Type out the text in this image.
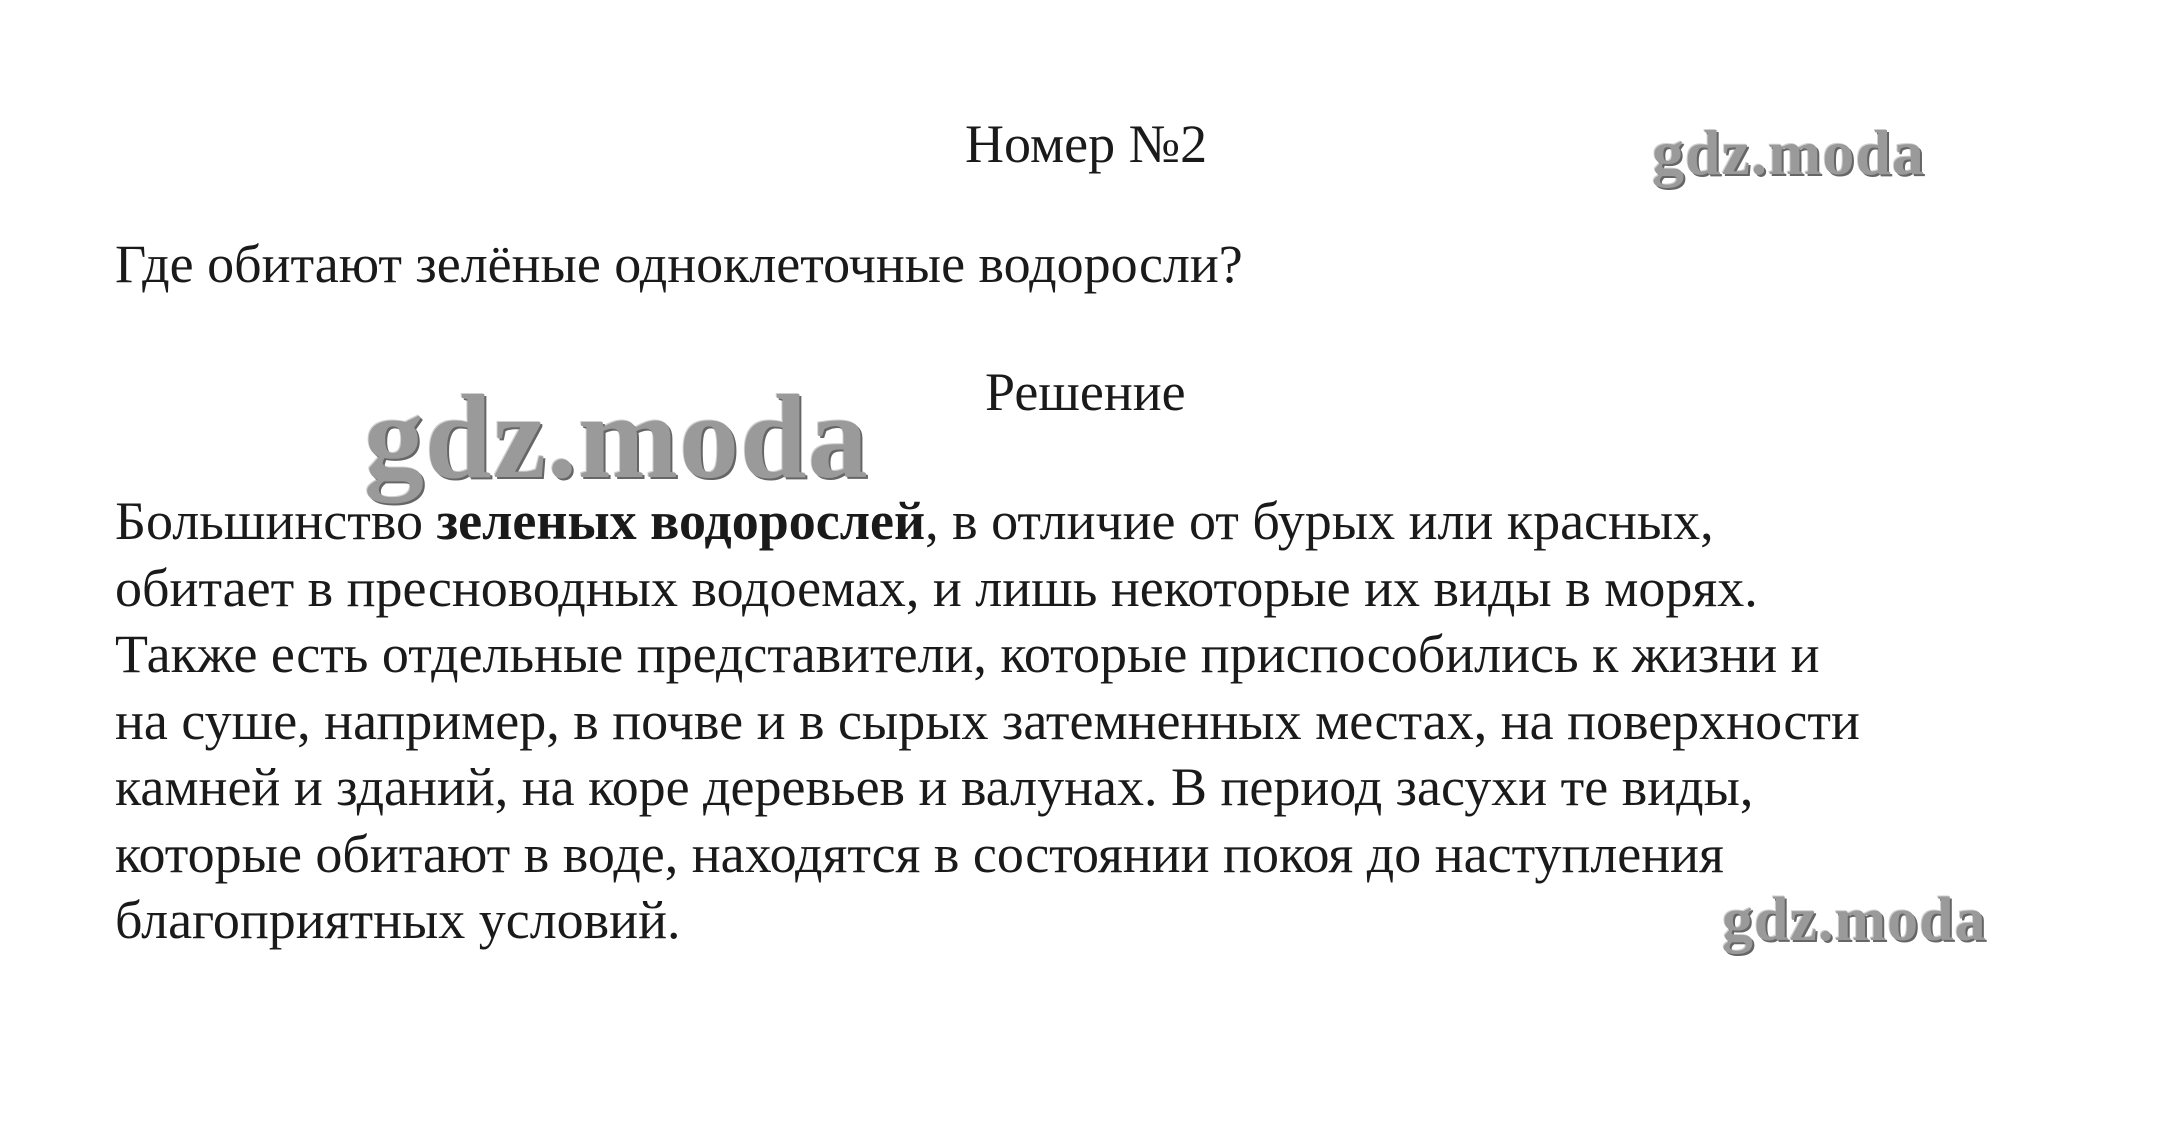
Номер №2

Где обитают зелёные одноклеточные водоросли?

Решение

Большинство зеленых водорослей, в отличие от бурых или красных,
обитает в пресноводных водоемах, и лишь некоторые их виды в морях.
Также есть отдельные представители, которые приспособились к жизни и
на суше, например, в почве и в сырых затемненных местах, на поверхности
камней и зданий, на коре деревьев и валунах. В период засухи те виды,
которые обитают в воде, находятся в состоянии покоя до наступления
благоприятных условий.

gdz.moda
gdz.moda
gdz.moda
